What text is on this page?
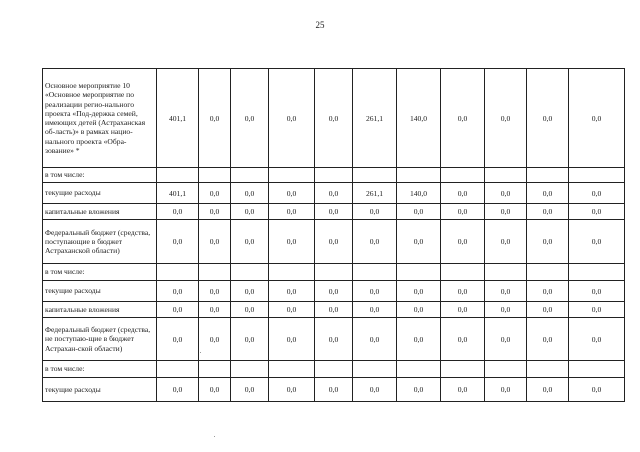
25
Основное мероприятие 10 «Основное мероприятие по реализации регио-нального проекта «Под-держка семей, имеющих детей (Астраханская об-ласть)» в рамках нацио-нального проекта «Обра-зование» *	401,1	0,0	0,0	0,0	0,0	261,1	140,0	0,0	0,0	0,0	0,0
в том числе:											
текущие расходы	401,1	0,0	0,0	0,0	0,0	261,1	140,0	0,0	0,0	0,0	0,0
капитальные вложения	0,0	0,0	0,0	0,0	0,0	0,0	0,0	0,0	0,0	0,0	0,0
Федеральный бюджет (средства, поступающие в бюджет Астраханской области)	0,0	0,0	0,0	0,0	0,0	0,0	0,0	0,0	0,0	0,0	0,0
в том числе:											
текущие расходы	0,0	0,0	0,0	0,0	0,0	0,0	0,0	0,0	0,0	0,0	0,0
капитальные вложения	0,0	0,0	0,0	0,0	0,0	0,0	0,0	0,0	0,0	0,0	0,0
Федеральный бюджет (средства, не поступаю-щие в бюджет Астрахан-ской области)	0,0	0,0	0,0	0,0	0,0	0,0	0,0	0,0	0,0	0,0	0,0
в том числе:											
текущие расходы	0,0	0,0	0,0	0,0	0,0	0,0	0,0	0,0	0,0	0,0	0,0
